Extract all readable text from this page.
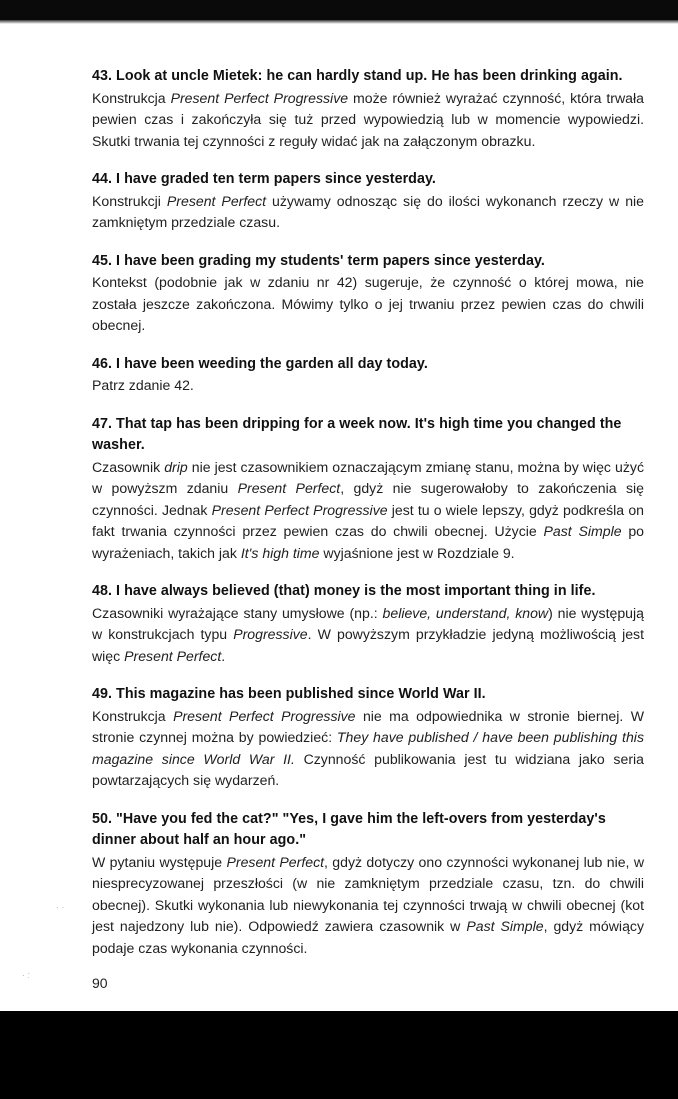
43. Look at uncle Mietek: he can hardly stand up. He has been drinking again.

Konstrukcja Present Perfect Progressive może również wyrażać czynność, która trwała pewien czas i zakończyła się tuż przed wypowiedzią lub w momencie wypowiedzi. Skutki trwania tej czynności z reguły widać jak na załączonym obrazku.

44. I have graded ten term papers since yesterday.

Konstrukcji Present Perfect używamy odnosząc się do ilości wykonanch rzeczy w nie zamkniętym przedziale czasu.

45. I have been grading my students' term papers since yesterday.

Kontekst (podobnie jak w zdaniu nr 42) sugeruje, że czynność o której mowa, nie została jeszcze zakończona. Mówimy tylko o jej trwaniu przez pewien czas do chwili obecnej.

46. I have been weeding the garden all day today.

Patrz zdanie 42.

47. That tap has been dripping for a week now. It's high time you changed the washer.

Czasownik drip nie jest czasownikiem oznaczającym zmianę stanu, można by więc użyć w powyższm zdaniu Present Perfect, gdyż nie sugerowałoby to zakończenia się czynności. Jednak Present Perfect Progressive jest tu o wiele lepszy, gdyż podkreśla on fakt trwania czynności przez pewien czas do chwili obecnej. Użycie Past Simple po wyrażeniach, takich jak It's high time wyjaśnione jest w Rozdziale 9.

48. I have always believed (that) money is the most important thing in life.

Czasowniki wyrażające stany umysłowe (np.: believe, understand, know) nie występują w konstrukcjach typu Progressive. W powyższym przykładzie jedyną możliwością jest więc Present Perfect.

49. This magazine has been published since World War II.

Konstrukcja Present Perfect Progressive nie ma odpowiednika w stronie biernej. W stronie czynnej można by powiedzieć: They have published / have been publishing this magazine since World War II. Czynność publikowania jest tu widziana jako seria powtarzających się wydarzeń.

50. "Have you fed the cat?" "Yes, I gave him the left-overs from yesterday's dinner about half an hour ago."

W pytaniu występuje Present Perfect, gdyż dotyczy ono czynności wykonanej lub nie, w niesprecyzowanej przeszłości (w nie zamkniętym przedziale czasu, tzn. do chwili obecnej). Skutki wykonania lub niewykonania tej czynności trwają w chwili obecnej (kot jest najedzony lub nie). Odpowiedź zawiera czasownik w Past Simple, gdyż mówiący podaje czas wykonania czynności.

90
· ·
· :
